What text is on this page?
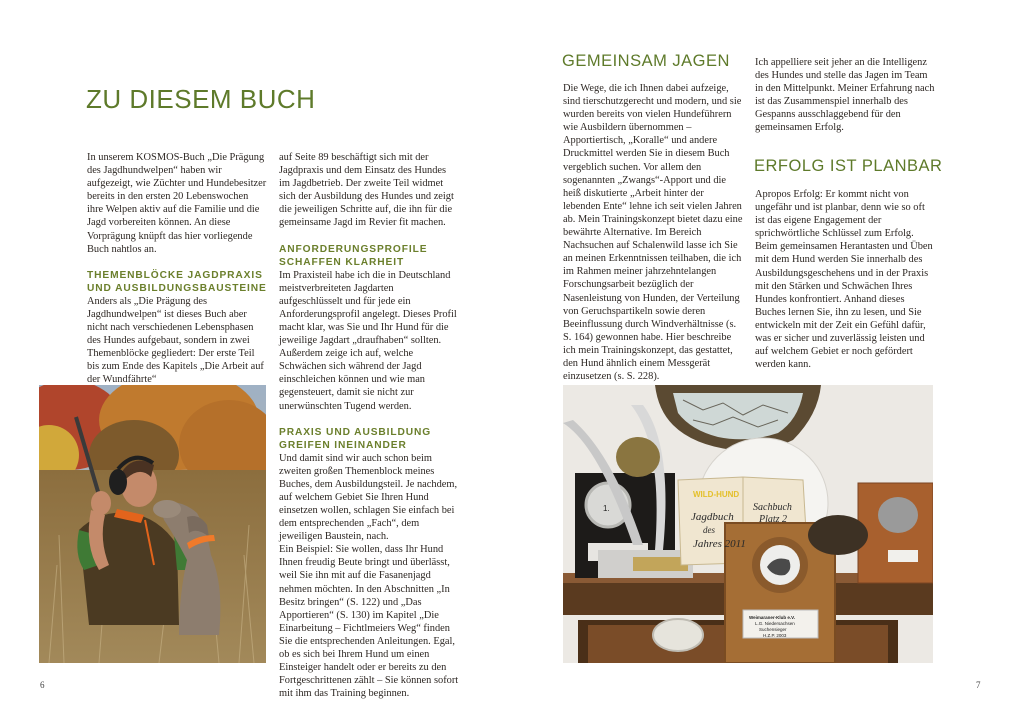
ZU DIESEM BUCH

In unserem KOSMOS-Buch „Die Prägung des Jagdhundwelpen“ haben wir aufgezeigt, wie Züchter und Hundebesitzer bereits in den ersten 20 Lebenswochen ihre Welpen aktiv auf die Familie und die Jagd vorbereiten können. An diese Vorprägung knüpft das hier vorliegende Buch nahtlos an.

THEMENBLÖCKE JAGDPRAXIS UND AUSBILDUNGSBAUSTEINE

Anders als „Die Prägung des Jagdhundwelpen“ ist dieses Buch aber nicht nach verschiedenen Lebensphasen des Hundes aufgebaut, sondern in zwei Themenblöcke gegliedert: Der erste Teil bis zum Ende des Kapitels „Die Arbeit auf der Wundfährte“

auf Seite 89 beschäftigt sich mit der Jagdpraxis und dem Einsatz des Hundes im Jagdbetrieb. Der zweite Teil widmet sich der Ausbildung des Hundes und zeigt die jeweiligen Schritte auf, die ihn für die gemeinsame Jagd im Revier fit machen.

ANFORDERUNGSPROFILE SCHAFFEN KLARHEIT

Im Praxisteil habe ich die in Deutschland meistverbreiteten Jagdarten aufgeschlüsselt und für jede ein Anforderungsprofil angelegt. Dieses Profil macht klar, was Sie und Ihr Hund für die jeweilige Jagdart „draufhaben“ sollten. Außerdem zeige ich auf, welche Schwächen sich während der Jagd einschleichen können und wie man gegensteuert, damit sie nicht zur unerwünschten Tugend werden.

PRAXIS UND AUSBILDUNG GREIFEN INEINANDER

Und damit sind wir auch schon beim zweiten großen Themenblock meines Buches, dem Ausbildungsteil. Je nachdem, auf welchem Gebiet Sie Ihren Hund einsetzen wollen, schlagen Sie einfach bei dem entsprechenden „Fach“, dem jeweiligen Baustein, nach.

Ein Beispiel: Sie wollen, dass Ihr Hund Ihnen freudig Beute bringt und überlässt, weil Sie ihn mit auf die Fasanenjagd nehmen möchten. In den Abschnitten „In Besitz bringen“ (S. 122) und „Das Apportieren“ (S. 130) im Kapitel „Die Einarbeitung – Fichtlmeiers Weg“ finden Sie die entsprechenden Anleitungen. Egal, ob es sich bei Ihrem Hund um einen Einsteiger handelt oder er bereits zu den Fortgeschrittenen zählt – Sie können sofort mit ihm das Training beginnen.

6
GEMEINSAM JAGEN

Die Wege, die ich Ihnen dabei aufzeige, sind tierschutzgerecht und modern, und sie wurden bereits von vielen Hundeführern wie Ausbildern übernommen – Apportiertisch, „Koralle“ und andere Druckmittel werden Sie in diesem Buch vergeblich suchen. Vor allem den sogenannten „Zwangs“-Apport und die heiß diskutierte „Arbeit hinter der lebenden Ente“ lehne ich seit vielen Jahren ab. Mein Trainingskonzept bietet dazu eine bewährte Alternative. Im Bereich Nachsuchen auf Schalenwild lasse ich Sie an meinen Erkenntnissen teilhaben, die ich im Rahmen meiner jahrzehntelangen Forschungsarbeit bezüglich der Nasenleistung von Hunden, der Verteilung von Geruchspartikeln sowie deren Beeinflussung durch Windverhältnisse (s. S. 164) gewonnen habe. Hier beschreibe ich mein Trainingskonzept, das gestattet, den Hund ähnlich einem Messgerät einzusetzen (s. S. 228).

Ich appelliere seit jeher an die Intelligenz des Hundes und stelle das Jagen im Team in den Mittelpunkt. Meiner Erfahrung nach ist das Zusammenspiel innerhalb des Gespanns ausschlaggebend für den gemeinsamen Erfolg.

ERFOLG IST PLANBAR

Apropos Erfolg: Er kommt nicht von ungefähr und ist planbar, denn wie so oft ist das eigene Engagement der sprichwörtliche Schlüssel zum Erfolg.

Beim gemeinsamen Herantasten und Üben mit dem Hund werden Sie innerhalb des Ausbildungsgeschehens und in der Praxis mit den Stärken und Schwächen Ihres Hundes konfrontiert. Anhand dieses Buches lernen Sie, ihn zu lesen, und Sie entwickeln mit der Zeit ein Gefühl dafür, was er sicher und zuverlässig leisten und auf welchem Gebiet er noch gefördert werden kann.

WILD-HUND
Jagdbuch
des
Jahres 2011
Sachbuch
Platz 2
Weimaraner-Klub e.V.
L.G. Niedersachsen
Suchensieger
H.Z.P. 2003
1.
7
